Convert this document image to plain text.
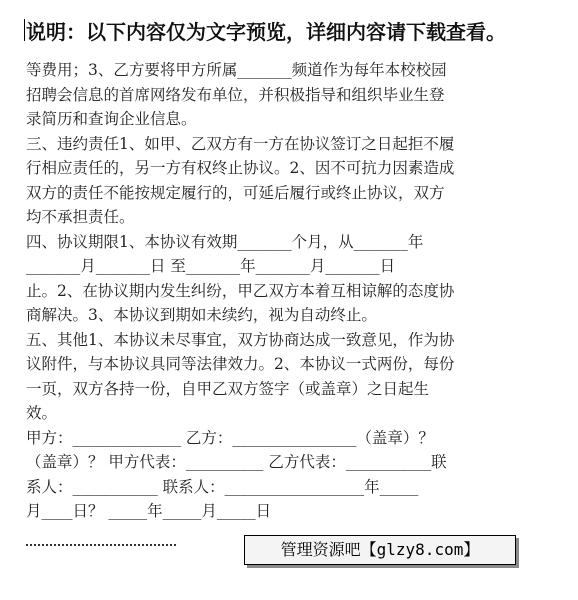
说明：以下内容仅为文字预览，详细内容请下载查看。
等费用；3、乙方要将甲方所属_______频道作为每年本校校园
招聘会信息的首席网络发布单位，并积极指导和组织毕业生登
录简历和查询企业信息。
三、违约责任1、如甲、乙双方有一方在协议签订之日起拒不履
行相应责任的，另一方有权终止协议。2、因不可抗力因素造成
双方的责任不能按规定履行的，可延后履行或终止协议，双方
均不承担责任。
四、协议期限1、本协议有效期_______个月，从_______年
_______月_______日 至_______年_______月_______日
止。2、在协议期内发生纠纷，甲乙双方本着互相谅解的态度协
商解决。3、本协议到期如未续约，视为自动终止。
五、其他1、本协议未尽事宜，双方协商达成一致意见，作为协
议附件，与本协议具同等法律效力。2、本协议一式两份，每份
一页，双方各持一份，自甲乙双方签字（或盖章）之日起生
效。
甲方：______________ 乙方：________________（盖章）？
（盖章）？ 甲方代表：__________ 乙方代表：___________联
系人：___________ 联系人：__________________年_____
月____日？ _____年_____月_____日
管理资源吧【glzy8.com】
